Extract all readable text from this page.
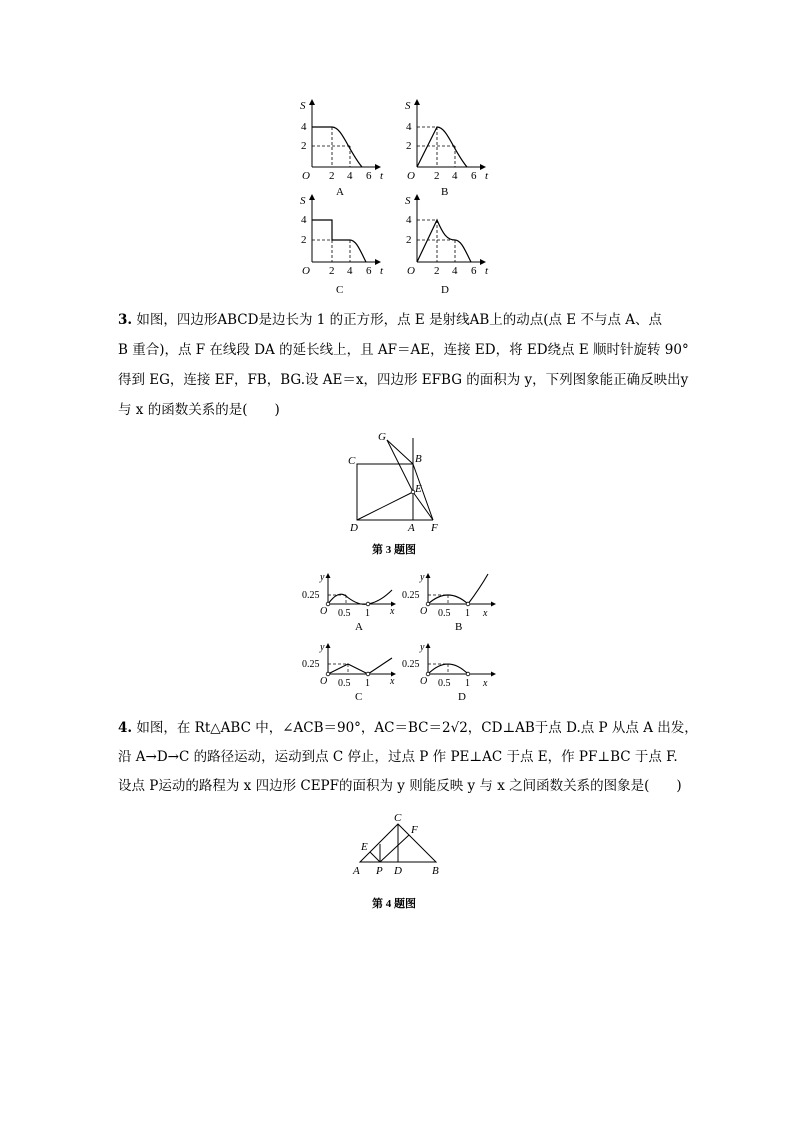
S
4
2
O 2 4 6 t
A
S
4
2
O 2 4 6 t
B
S
4
2
O 2 4 6 t
C
S
4
2
O 2 4 6 t
D
3. 如图，四边形ABCD是边长为 1 的正方形，点 E 是射线AB上的动点(点 E 不与点 A、点
B 重合)，点 F 在线段 DA 的延长线上，且 AF＝AE，连接 ED，将 ED绕点 E 顺时针旋转 90°
得到 EG，连接 EF，FB，BG.设 AE＝x，四边形 EFBG 的面积为 y，下列图象能正确反映出y
与 x 的函数关系的是(　　)
G
C	B
E
D	A F
第 3 题图
y
0.25
O 0.5 1 x
A
y
0.25
O 0.5 1 x
B
y
0.25
O 0.5 1 x
C
y
0.25
O 0.5 1 x
D
4. 如图，在 Rt△ABC 中，∠ACB＝90°，AC＝BC＝2√2，CD⊥AB于点 D.点 P 从点 A 出发，
沿 A→D→C 的路径运动，运动到点 C 停止，过点 P 作 PE⊥AC 于点 E，作 PF⊥BC 于点 F.
设点 P运动的路程为 x 四边形 CEPF的面积为 y 则能反映 y 与 x 之间函数关系的图象是(　　)
C
F
E
A P D	B
第 4 题图
